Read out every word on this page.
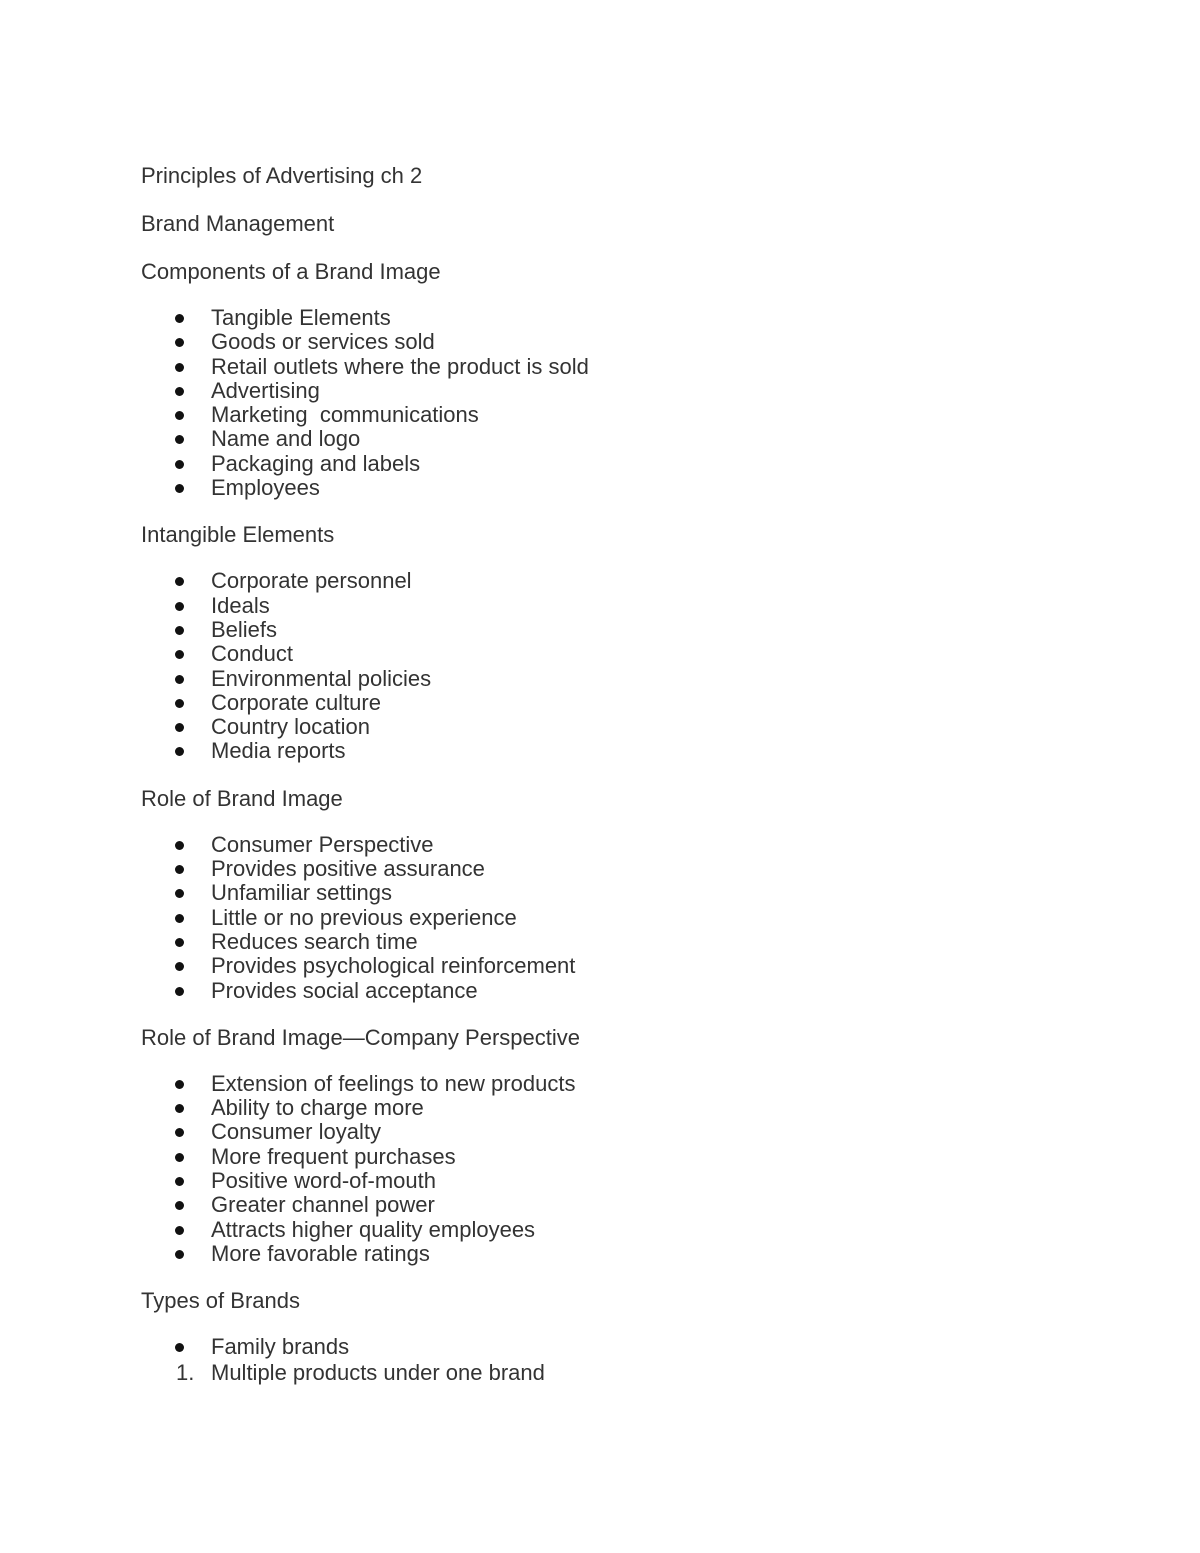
Principles of Advertising ch 2

Brand Management

Components of a Brand Image

Tangible Elements
Goods or services sold
Retail outlets where the product is sold
Advertising
Marketing  communications
Name and logo
Packaging and labels
Employees

Intangible Elements

Corporate personnel
Ideals
Beliefs
Conduct
Environmental policies
Corporate culture
Country location
Media reports

Role of Brand Image

Consumer Perspective
Provides positive assurance
Unfamiliar settings
Little or no previous experience
Reduces search time
Provides psychological reinforcement
Provides social acceptance

Role of Brand Image—Company Perspective

Extension of feelings to new products
Ability to charge more
Consumer loyalty
More frequent purchases
Positive word-of-mouth
Greater channel power
Attracts higher quality employees
More favorable ratings

Types of Brands

Family brands
1. Multiple products under one brand
